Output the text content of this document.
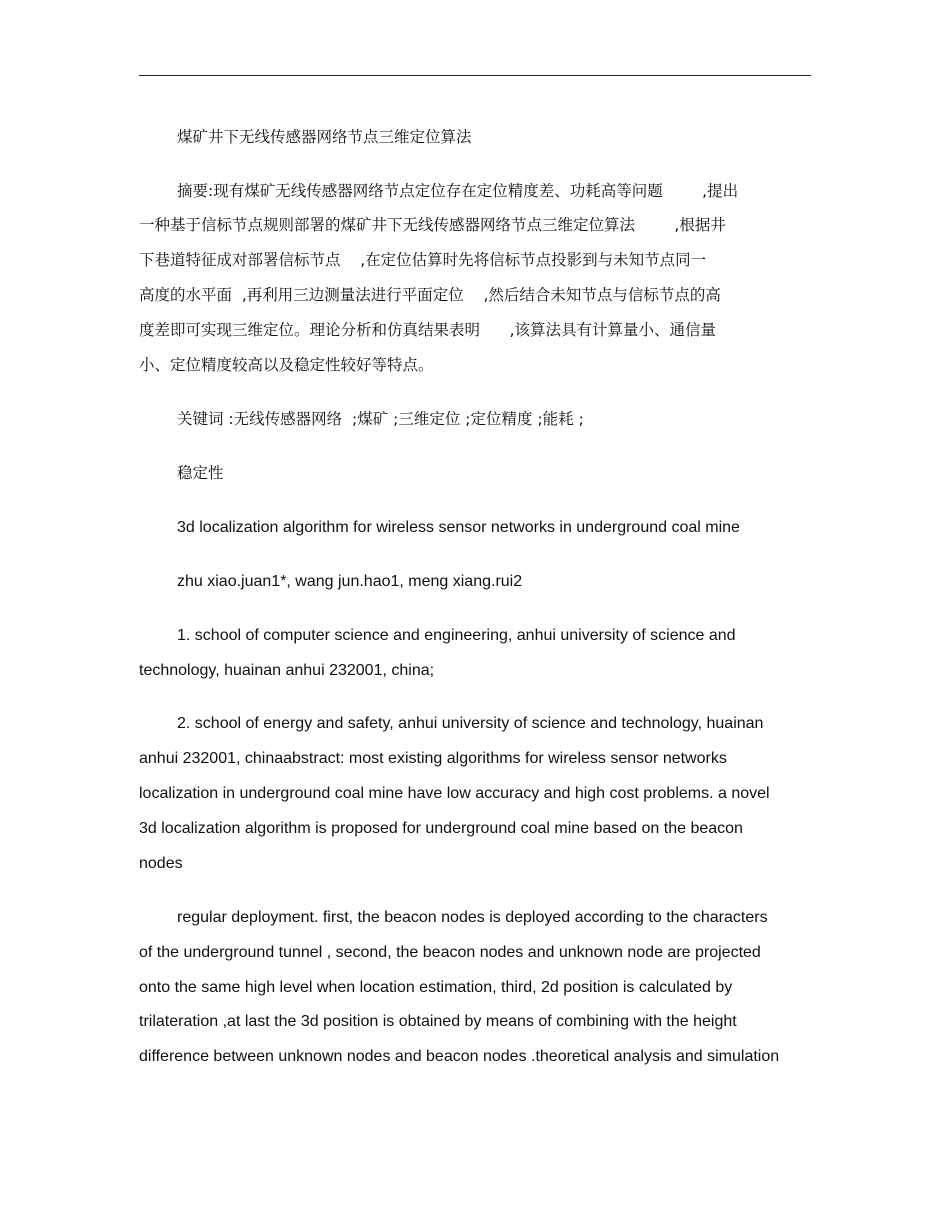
煤矿井下无线传感器网络节点三维定位算法
摘要:现有煤矿无线传感器网络节点定位存在定位精度差、功耗高等问题        ,提出
一种基于信标节点规则部署的煤矿井下无线传感器网络节点三维定位算法        ,根据井
下巷道特征成对部署信标节点    ,在定位估算时先将信标节点投影到与未知节点同一
高度的水平面  ,再利用三边测量法进行平面定位    ,然后结合未知节点与信标节点的高
度差即可实现三维定位。理论分析和仿真结果表明      ,该算法具有计算量小、通信量
小、定位精度较高以及稳定性较好等特点。
关键词 :无线传感器网络  ;煤矿 ;三维定位 ;定位精度 ;能耗 ;
稳定性
3d localization algorithm for wireless sensor networks in underground coal mine
zhu xiao.juan1*, wang jun.hao1, meng xiang.rui2
1. school of computer science and engineering, anhui university of science and
technology, huainan anhui 232001, china;
2. school of energy and safety, anhui university of science and technology, huainan
anhui 232001, chinaabstract: most existing algorithms for wireless sensor networks
localization in underground coal mine have low accuracy and high cost problems. a novel
3d localization algorithm is proposed for underground coal mine based on the beacon
nodes
regular deployment. first, the beacon nodes is deployed according to the characters
of the underground tunnel , second, the beacon nodes and unknown node are projected
onto the same high level when location estimation, third, 2d position is calculated by
trilateration ,at last the 3d position is obtained by means of combining with the height
difference between unknown nodes and beacon nodes .theoretical analysis and simulation
